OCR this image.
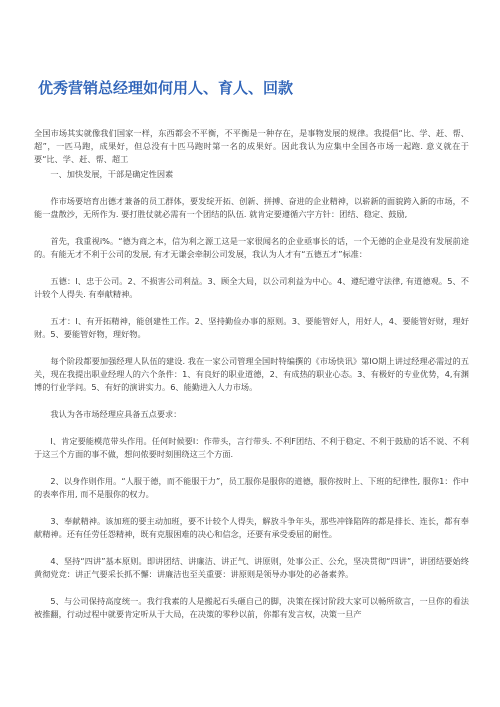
优秀营销总经理如何用人、育人、回款

全国市场其实就像我们国家一样，东西都会不平衡，不平衡是一种存在，是事物发展的规律。我提倡“比、学、赶、帮、超”，一匹马跑，成果好，但总没有十匹马跑时第一名的成果好。因此我认为应集中全国各市场一起跑. 意义就在于要“比、学、赶、帮、超工

一、加快发展，干部是确定性因素

作市场要培育出德才兼备的员工群体，要发绽开拓、创新、拼搏、奋进的企业精神，以崭新的面貌跨入新的市场，不能一盘散沙，无所作为. 要打胜仗就必需有一个团结的队伍. 就肯定要遵循六字方针：团结、稳定、鼓励,

首先，我重视i%。“德为商之本，信为利之源工这是一家很闻名的企业亟事长的话，一个无德的企业是没有发展前途的。有能无才不利于公司的发展, 有才无谦会牵制公司发展，我认为人才有“五德五才”标准：

五德：I、忠于公司。2、不损害公司利益。3、顾全大局，以公司利益为中心。4、遵纪遵守法律, 有道德观。5、不计较个人得失. 有奉献精神。

五才：I、有开拓精神，能创建性工作。2、坚持勤俭办事的原则。3、要能管好人，用好人，4、要能管好财，理好财。5、要能管好物，理好物。

每个阶段都要加强经理人队伍的建设. 我在一家公司管理全国时特编撰的《市场快讯》第IO期上讲过经理必需过的五关，现在我提出职业经理人的六个条件：1、有良好的职业道德，2、有成热的职业心态。3、有极好的专业优势，4,有渊博的行业学问。5、有好的演讲实力。6、能勤进入人力市场。

我认为各市场经理应具备五点要求：

I、肯定要能模范带头作用。任何时候要I：作带头，言行带头. 不利F团结、不利于稳定、不利于鼓励的话不说、不利于这三个方面的事不做，想问侬要时刻围绕这三个方面.

2、以身作则作用。“人服于德，而不能服于力”，员工服你是服你的道德，服你按时上、下班的纪律性, 服你1：作中的表率作用, 而不是服你的权力。

3、奉献精神。该加班的要主动加班，要不计较个人得失，解放斗争年头，那些冲锋陷阵的都是排长、连长，都有奉献精神。还有任劳任怨精神，既有克服困难的决心和信念，还要有承受委屈的耐性。

4、坚持“四讲”基本原则。即讲团结、讲廉洁、讲正气、讲原则，处事公正、公允，坚决贯彻“四讲”，讲团结要始终黄彻党竞：讲正气要采长抓不懈：讲廉洁也至关重要：讲原则是领导办事处的必备素养。

5、与公司保持高度统一。我行我素的人是搬起石头砸自己的脚，决策在探讨阶段大家可以畅所欲言，一旦你的看法被推翻，行动过程中就要肯定听从于大局，在决策的零秒以前，你都有发言权，决策一旦产
